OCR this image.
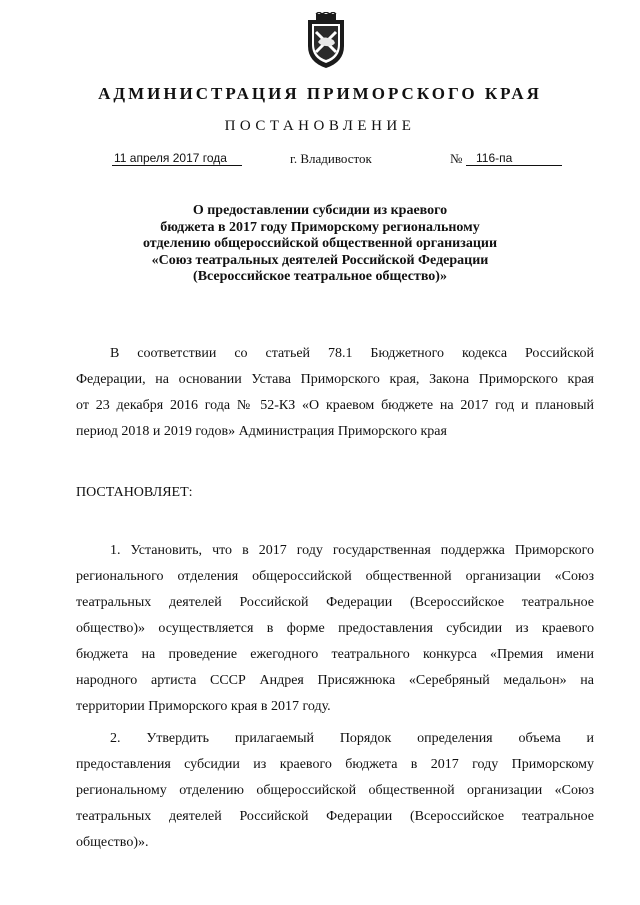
АДМИНИСТРАЦИЯ ПРИМОРСКОГО КРАЯ
ПОСТАНОВЛЕНИЕ
11 апреля 2017 года	г. Владивосток	№	116-па
О предоставлении субсидии из краевого
бюджета в 2017 году Приморскому региональному
отделению общероссийской общественной организации
«Союз театральных деятелей Российской Федерации
(Всероссийское театральное общество)»
В соответствии со статьей 78.1 Бюджетного кодекса Российской
Федерации, на основании Устава Приморского края, Закона Приморского края
от 23 декабря 2016 года № 52-КЗ «О краевом бюджете на 2017 год и плановый
период 2018 и 2019 годов» Администрация Приморского края
ПОСТАНОВЛЯЕТ:
1. Установить, что в 2017 году государственная поддержка Приморского
регионального отделения общероссийской общественной организации «Союз
театральных деятелей Российской Федерации (Всероссийское театральное
общество)» осуществляется в форме предоставления субсидии из краевого
бюджета на проведение ежегодного театрального конкурса «Премия имени
народного артиста СССР Андрея Присяжнюка «Серебряный медальон» на
территории Приморского края в 2017 году.
2. Утвердить прилагаемый Порядок определения объема и
предоставления субсидии из краевого бюджета в 2017 году Приморскому
региональному отделению общероссийской общественной организации «Союз
театральных деятелей Российской Федерации (Всероссийское театральное
общество)».
